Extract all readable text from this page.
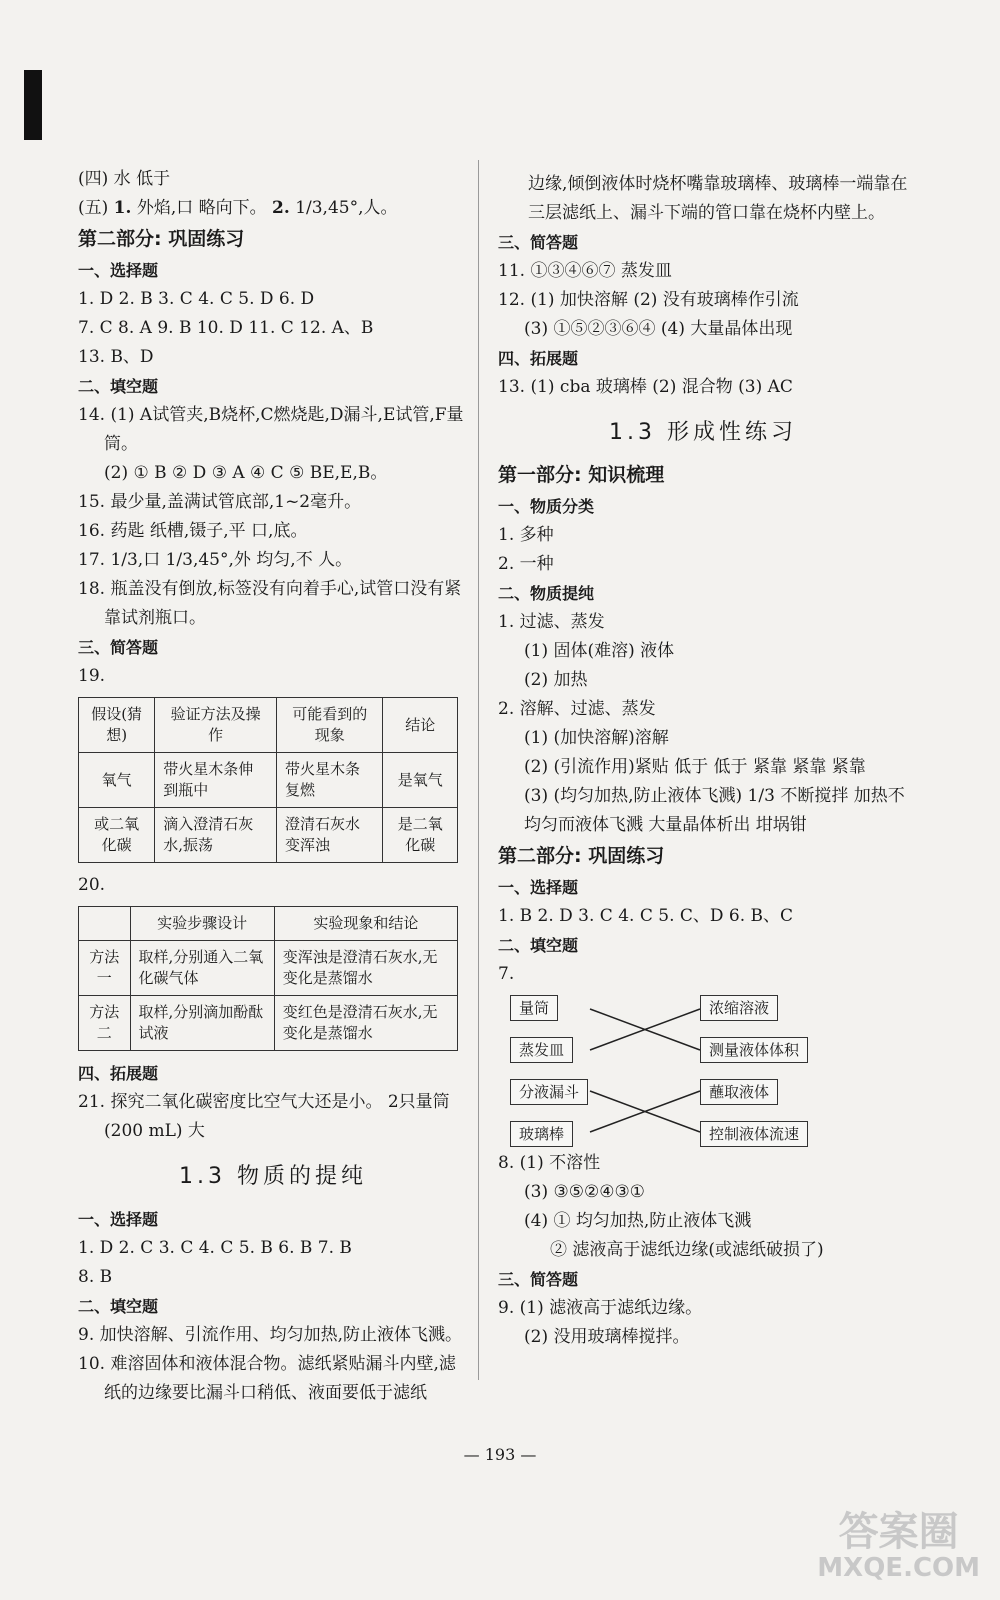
(四) 水 低于
(五) 1. 外焰,口 略向下。 2. 1/3,45°,人。
第二部分: 巩固练习
一、选择题
1. D 2. B 3. C 4. C 5. D 6. D
7. C 8. A 9. B 10. D 11. C 12. A、B
13. B、D
二、填空题
14. (1) A试管夹,B烧杯,C燃烧匙,D漏斗,E试管,F量筒。
(2) ① B ② D ③ A ④ C ⑤ BE,E,B。
15. 最少量,盖满试管底部,1~2毫升。
16. 药匙 纸槽,镊子,平 口,底。
17. 1/3,口 1/3,45°,外 均匀,不 人。
18. 瓶盖没有倒放,标签没有向着手心,试管口没有紧靠试剂瓶口。
三、简答题
19.
假设(猜想)	验证方法及操作	可能看到的现象	结论
氧气	带火星木条伸到瓶中	带火星木条复燃	是氧气
或二氧化碳	滴入澄清石灰水,振荡	澄清石灰水变浑浊	是二氧化碳
20.
	实验步骤设计	实验现象和结论
方法一	取样,分别通入二氧化碳气体	变浑浊是澄清石灰水,无变化是蒸馏水
方法二	取样,分别滴加酚酞试液	变红色是澄清石灰水,无变化是蒸馏水
四、拓展题
21. 探究二氧化碳密度比空气大还是小。 2只量筒(200 mL) 大
1.3 物质的提纯
一、选择题
1. D 2. C 3. C 4. C 5. B 6. B 7. B
8. B
二、填空题
9. 加快溶解、引流作用、均匀加热,防止液体飞溅。
10. 难溶固体和液体混合物。滤纸紧贴漏斗内壁,滤纸的边缘要比漏斗口稍低、液面要低于滤纸
边缘,倾倒液体时烧杯嘴靠玻璃棒、玻璃棒一端靠在三层滤纸上、漏斗下端的管口靠在烧杯内壁上。
三、简答题
11. ①③④⑥⑦ 蒸发皿
12. (1) 加快溶解 (2) 没有玻璃棒作引流
(3) ①⑤②③⑥④ (4) 大量晶体出现
四、拓展题
13. (1) cba 玻璃棒 (2) 混合物 (3) AC
1.3 形成性练习
第一部分: 知识梳理
一、物质分类
1. 多种
2. 一种
二、物质提纯
1. 过滤、蒸发
(1) 固体(难溶) 液体
(2) 加热
2. 溶解、过滤、蒸发
(1) (加快溶解)溶解
(2) (引流作用)紧贴 低于 低于 紧靠 紧靠 紧靠
(3) (均匀加热,防止液体飞溅) 1/3 不断搅拌 加热不均匀而液体飞溅 大量晶体析出 坩埚钳
第二部分: 巩固练习
一、选择题
1. B 2. D 3. C 4. C 5. C、D 6. B、C
二、填空题
7.
量筒
蒸发皿
分液漏斗
玻璃棒
浓缩溶液
测量液体体积
蘸取液体
控制液体流速
8. (1) 不溶性
(3) ③⑤②④③①
(4) ① 均匀加热,防止液体飞溅
② 滤液高于滤纸边缘(或滤纸破损了)
三、简答题
9. (1) 滤液高于滤纸边缘。
(2) 没用玻璃棒搅拌。
— 193 —
答案圈
MXQE.COM
